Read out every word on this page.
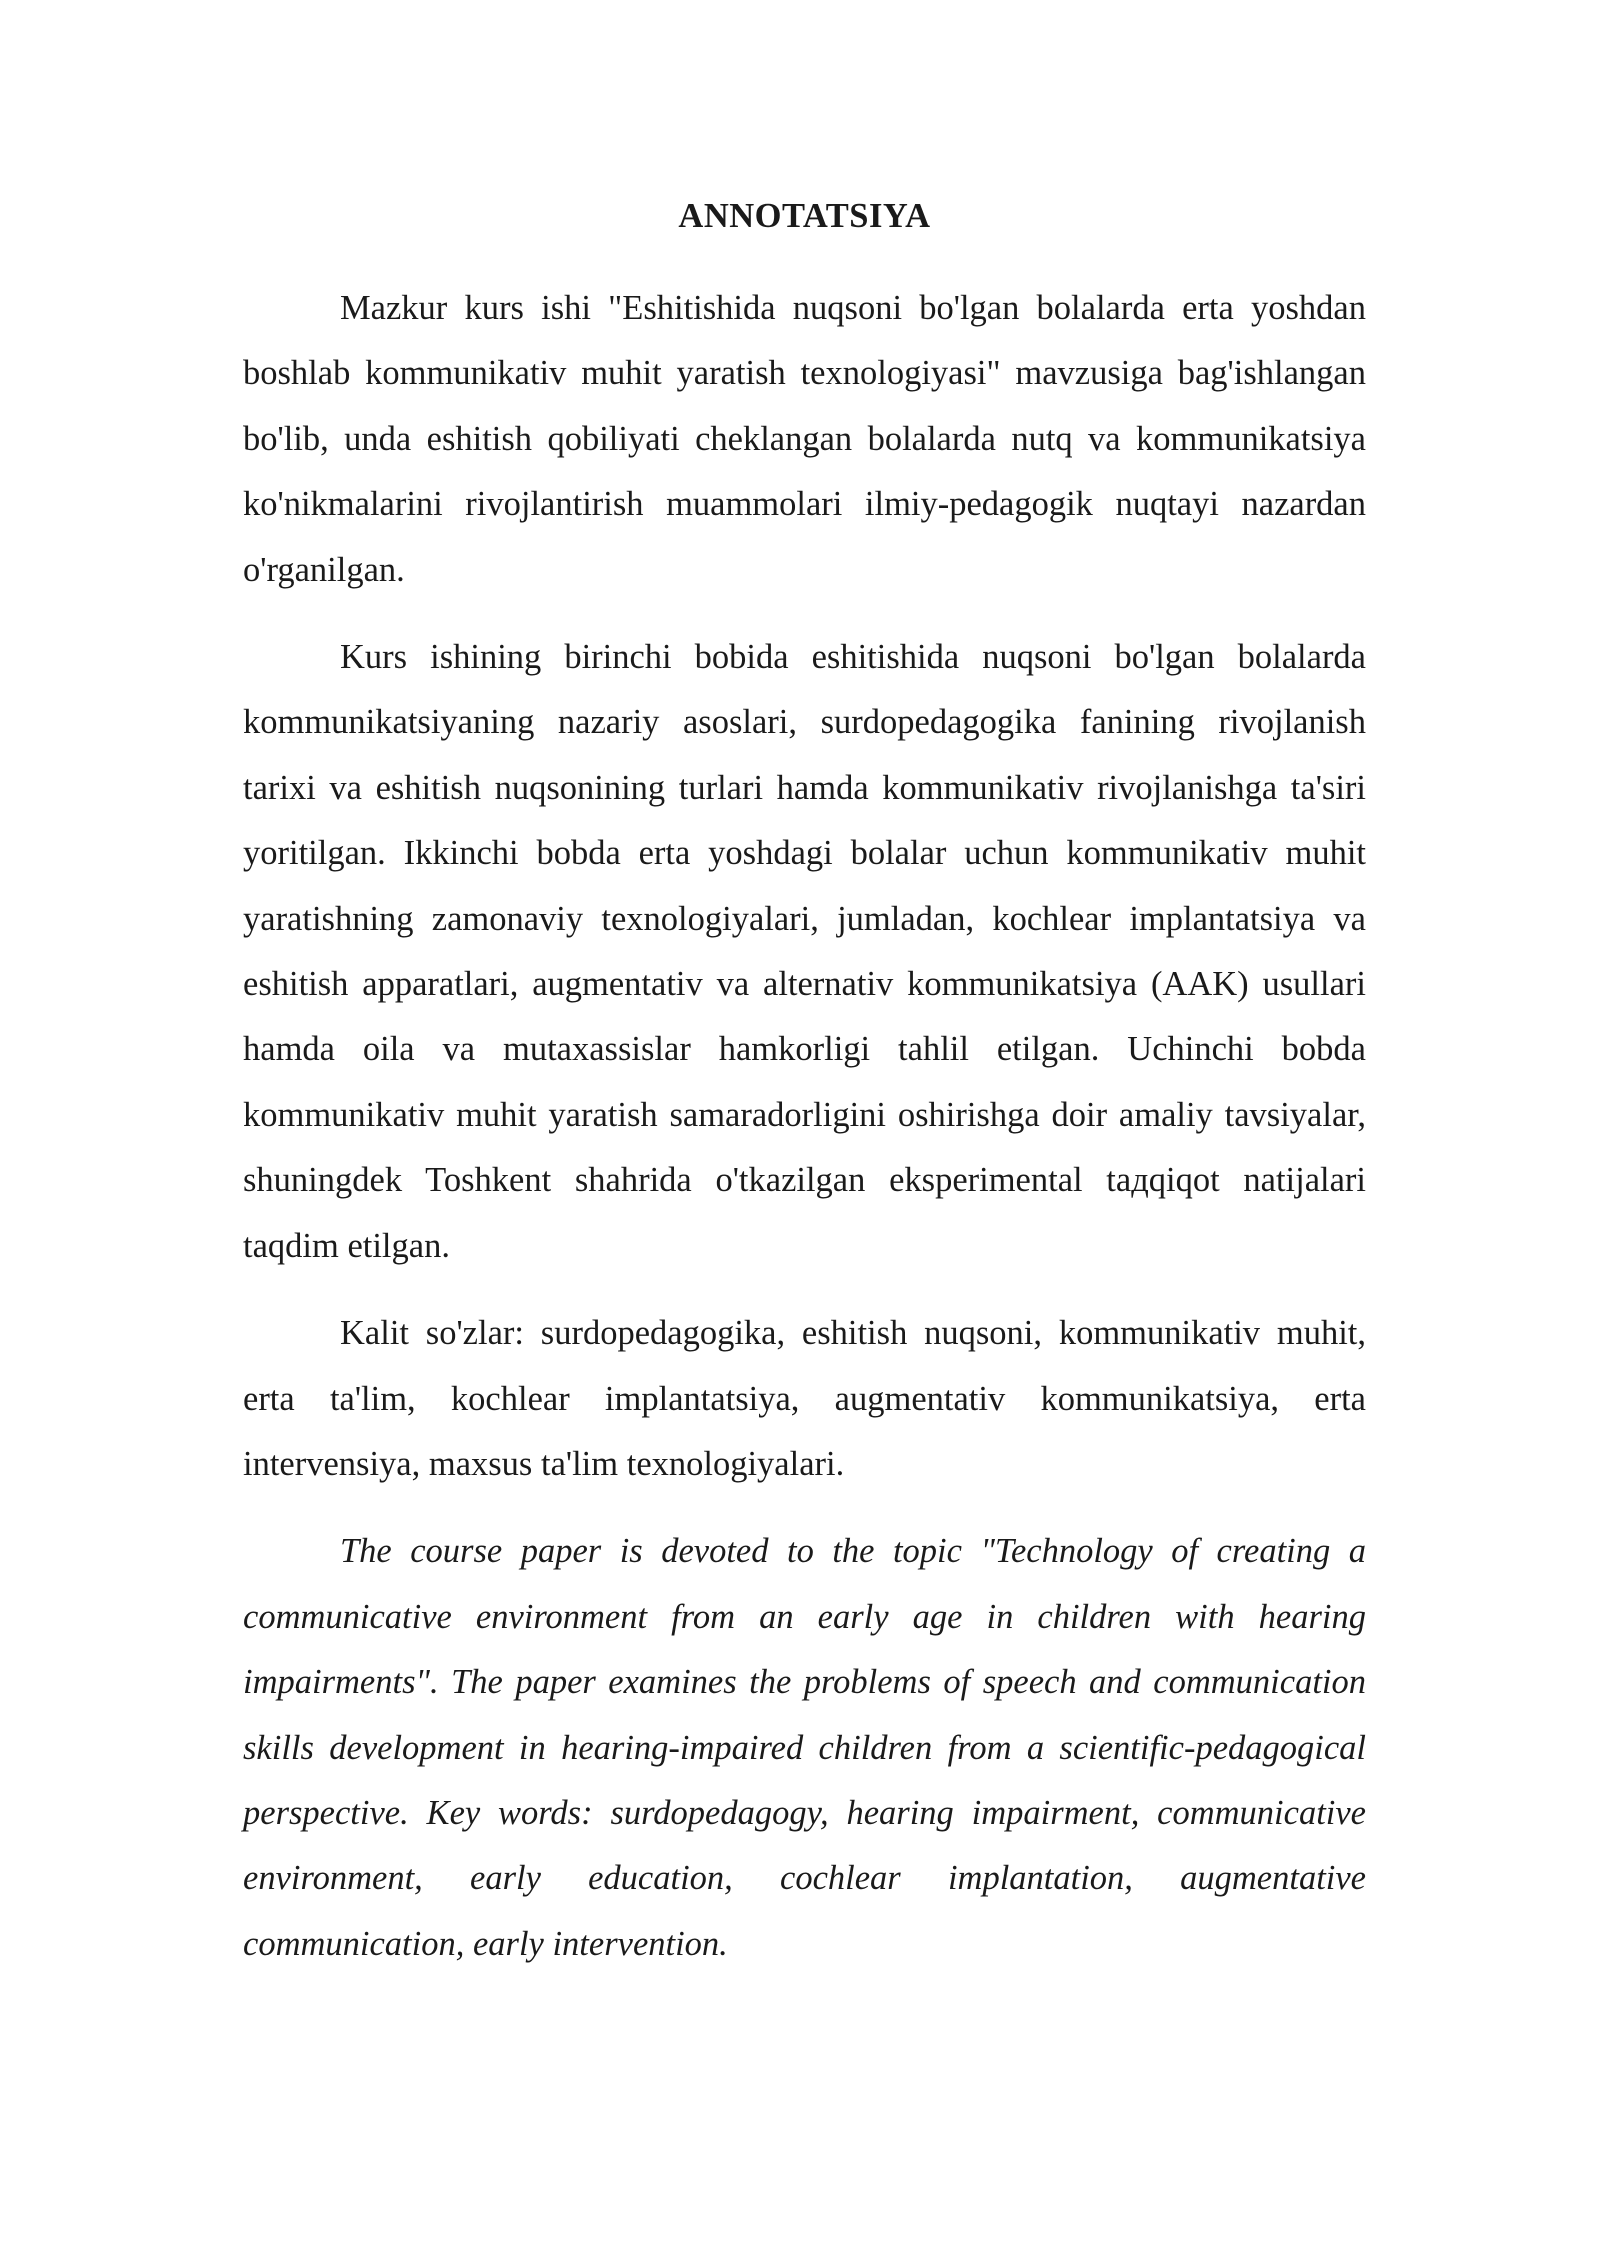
ANNOTATSIYA

Mazkur kurs ishi "Eshitishida nuqsoni bo'lgan bolalarda erta yoshdan boshlab kommunikativ muhit yaratish texnologiyasi" mavzusiga bag'ishlangan bo'lib, unda eshitish qobiliyati cheklangan bolalarda nutq va kommunikatsiya ko'nikmalarini rivojlantirish muammolari ilmiy-pedagogik nuqtayi nazardan o'rganilgan.

Kurs ishining birinchi bobida eshitishida nuqsoni bo'lgan bolalarda kommunikatsiyaning nazariy asoslari, surdopedagogika fanining rivojlanish tarixi va eshitish nuqsonining turlari hamda kommunikativ rivojlanishga ta'siri yoritilgan. Ikkinchi bobda erta yoshdagi bolalar uchun kommunikativ muhit yaratishning zamonaviy texnologiyalari, jumladan, kochlear implantatsiya va eshitish apparatlari, augmentativ va alternativ kommunikatsiya (AAK) usullari hamda oila va mutaxassislar hamkorligi tahlil etilgan. Uchinchi bobda kommunikativ muhit yaratish samaradorligini oshirishga doir amaliy tavsiyalar, shuningdek Toshkent shahrida o'tkazilgan eksperimental taдqiqot natijalari taqdim etilgan.

Kalit so'zlar: surdopedagogika, eshitish nuqsoni, kommunikativ muhit, erta ta'lim, kochlear implantatsiya, augmentativ kommunikatsiya, erta intervensiya, maxsus ta'lim texnologiyalari.

The course paper is devoted to the topic "Technology of creating a communicative environment from an early age in children with hearing impairments". The paper examines the problems of speech and communication skills development in hearing-impaired children from a scientific-pedagogical perspective. Key words: surdopedagogy, hearing impairment, communicative environment, early education, cochlear implantation, augmentative communication, early intervention.
